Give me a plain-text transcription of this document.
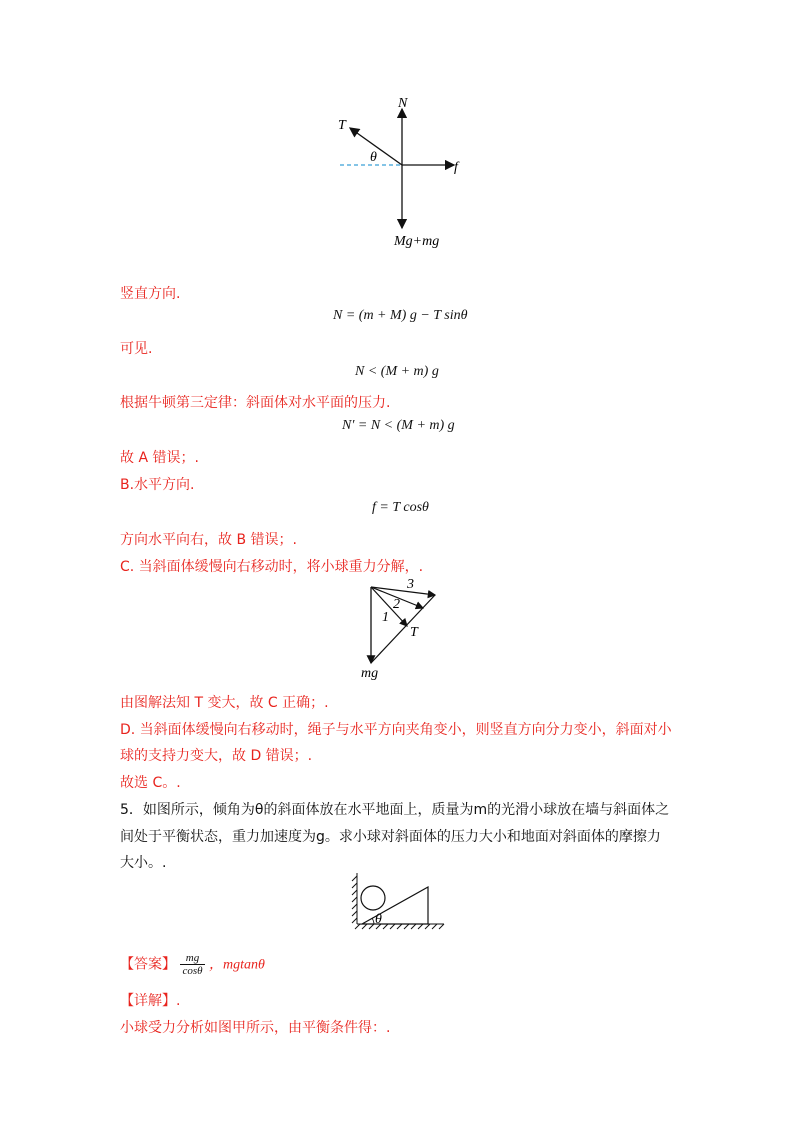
N
T
θ
f
Mg+mg
竖直方向.
N = (m + M) g − T sinθ
可见.
N < (M + m) g
根据牛顿第三定律：斜面体对水平面的压力.
N′ = N < (M + m) g
故 A 错误；.
B.水平方向.
f = T cosθ
方向水平向右，故 B 错误；.
C. 当斜面体缓慢向右移动时，将小球重力分解，.
1
2
3
T
mg
由图解法知 T 变大，故 C 正确；.
D. 当斜面体缓慢向右移动时，绳子与水平方向夹角变小，则竖直方向分力变小，斜面对小
球的支持力变大，故 D 错误；.
故选 C。.
5．如图所示，倾角为θ的斜面体放在水平地面上，质量为m的光滑小球放在墙与斜面体之
间处于平衡状态，重力加速度为g。求小球对斜面体的压力大小和地面对斜面体的摩擦力
大小。.
θ
【答案】 $\frac{mg}{\cos\theta}$ ，mgtanθ
【详解】.
小球受力分析如图甲所示，由平衡条件得：.
